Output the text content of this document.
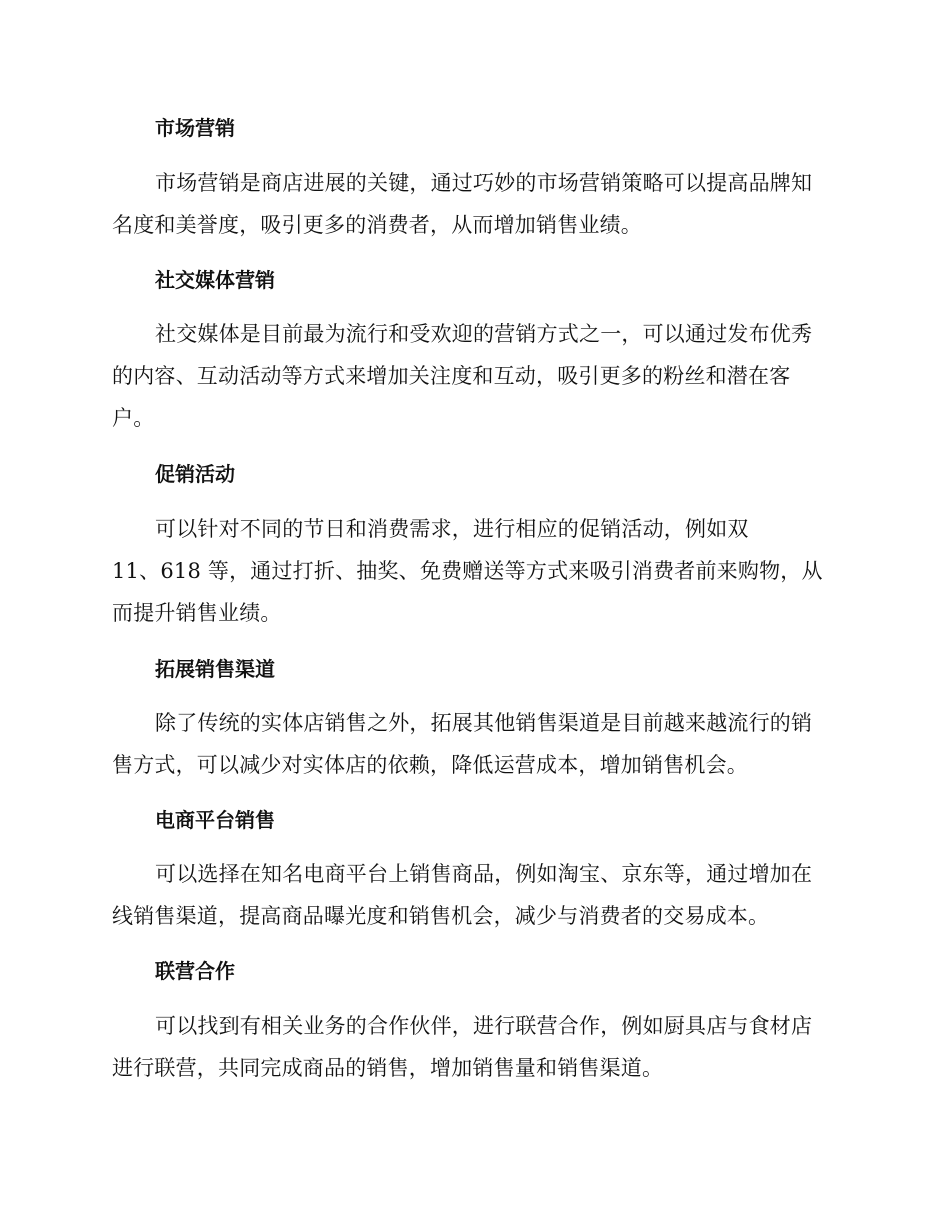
市场营销
市场营销是商店进展的关键，通过巧妙的市场营销策略可以提高品牌知
名度和美誉度，吸引更多的消费者，从而增加销售业绩。
社交媒体营销
社交媒体是目前最为流行和受欢迎的营销方式之一，可以通过发布优秀
的内容、互动活动等方式来增加关注度和互动，吸引更多的粉丝和潜在客
户。
促销活动
可以针对不同的节日和消费需求，进行相应的促销活动，例如双
11、618 等，通过打折、抽奖、免费赠送等方式来吸引消费者前来购物，从
而提升销售业绩。
拓展销售渠道
除了传统的实体店销售之外，拓展其他销售渠道是目前越来越流行的销
售方式，可以减少对实体店的依赖，降低运营成本，增加销售机会。
电商平台销售
可以选择在知名电商平台上销售商品，例如淘宝、京东等，通过增加在
线销售渠道，提高商品曝光度和销售机会，减少与消费者的交易成本。
联营合作
可以找到有相关业务的合作伙伴，进行联营合作，例如厨具店与食材店
进行联营，共同完成商品的销售，增加销售量和销售渠道。
